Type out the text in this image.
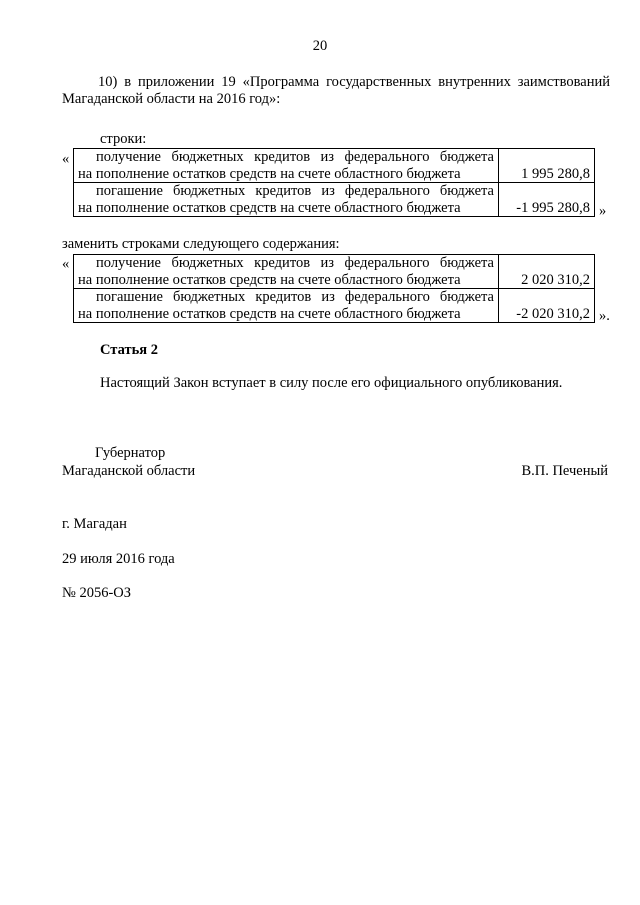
20
10) в приложении 19 «Программа государственных внутренних заимствований
Магаданской области на 2016 год»:
строки:
«	получение бюджетных кредитов из федерального бюджета
на пополнение остатков средств на счете областного бюджета	1 995 280,8

погашение бюджетных кредитов из федерального бюджета
на пополнение остатков средств на счете областного бюджета	-1 995 280,8 »
заменить строками следующего содержания:
«	получение бюджетных кредитов из федерального бюджета
на пополнение остатков средств на счете областного бюджета	2 020 310,2

погашение бюджетных кредитов из федерального бюджета
на пополнение остатков средств на счете областного бюджета	-2 020 310,2 ».
Статья 2
Настоящий Закон вступает в силу после его официального опубликования.
Губернатор
Магаданской области	В.П. Печеный
г. Магадан
29 июля 2016 года
№ 2056-ОЗ
